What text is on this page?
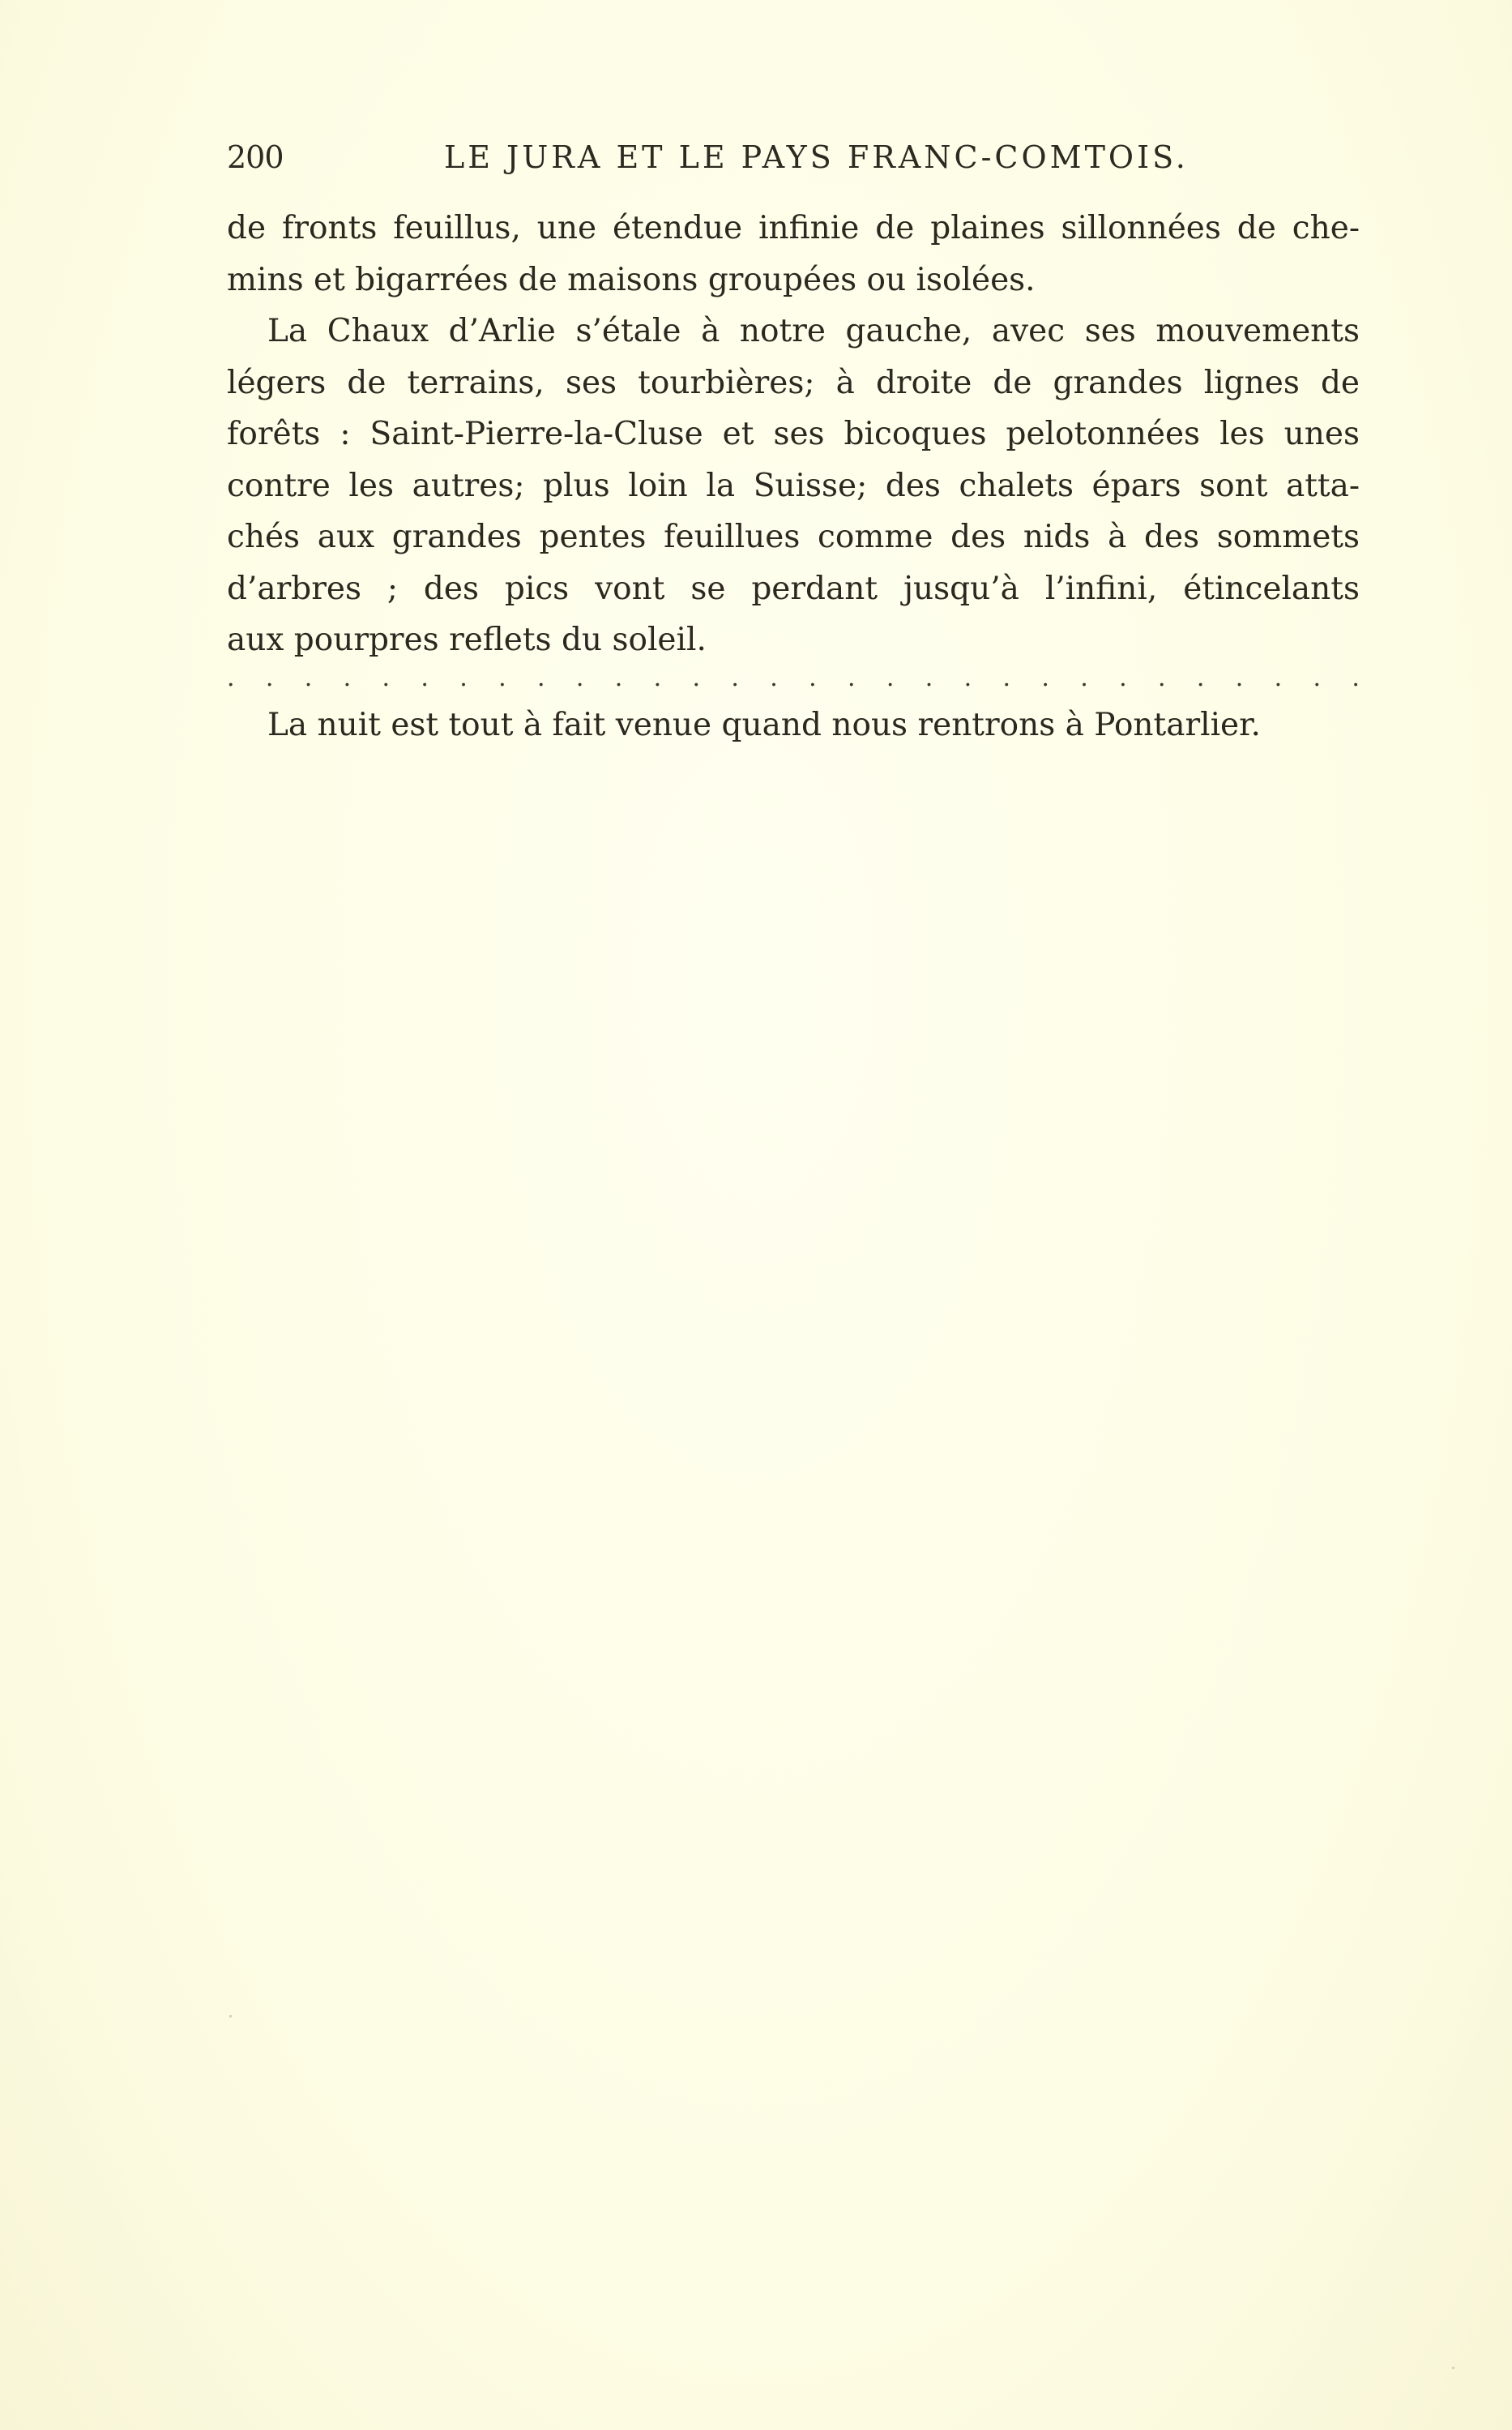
200	LE JURA ET LE PAYS FRANC-COMTOIS.
de fronts feuillus, une étendue infinie de plaines sillonnées de che-
mins et bigarrées de maisons groupées ou isolées.
La Chaux d’Arlie s’étale à notre gauche, avec ses mouvements
légers de terrains, ses tourbières; à droite de grandes lignes de
forêts : Saint-Pierre-la-Cluse et ses bicoques pelotonnées les unes
contre les autres; plus loin la Suisse; des chalets épars sont atta-
chés aux grandes pentes feuillues comme des nids à des sommets
d’arbres ; des pics vont se perdant jusqu’à l’infini, étincelants
aux pourpres reflets du soleil.
. . . . . . . . . . . . . . . . . . . . . . . . . . . . . .
La nuit est tout à fait venue quand nous rentrons à Pontarlier.
